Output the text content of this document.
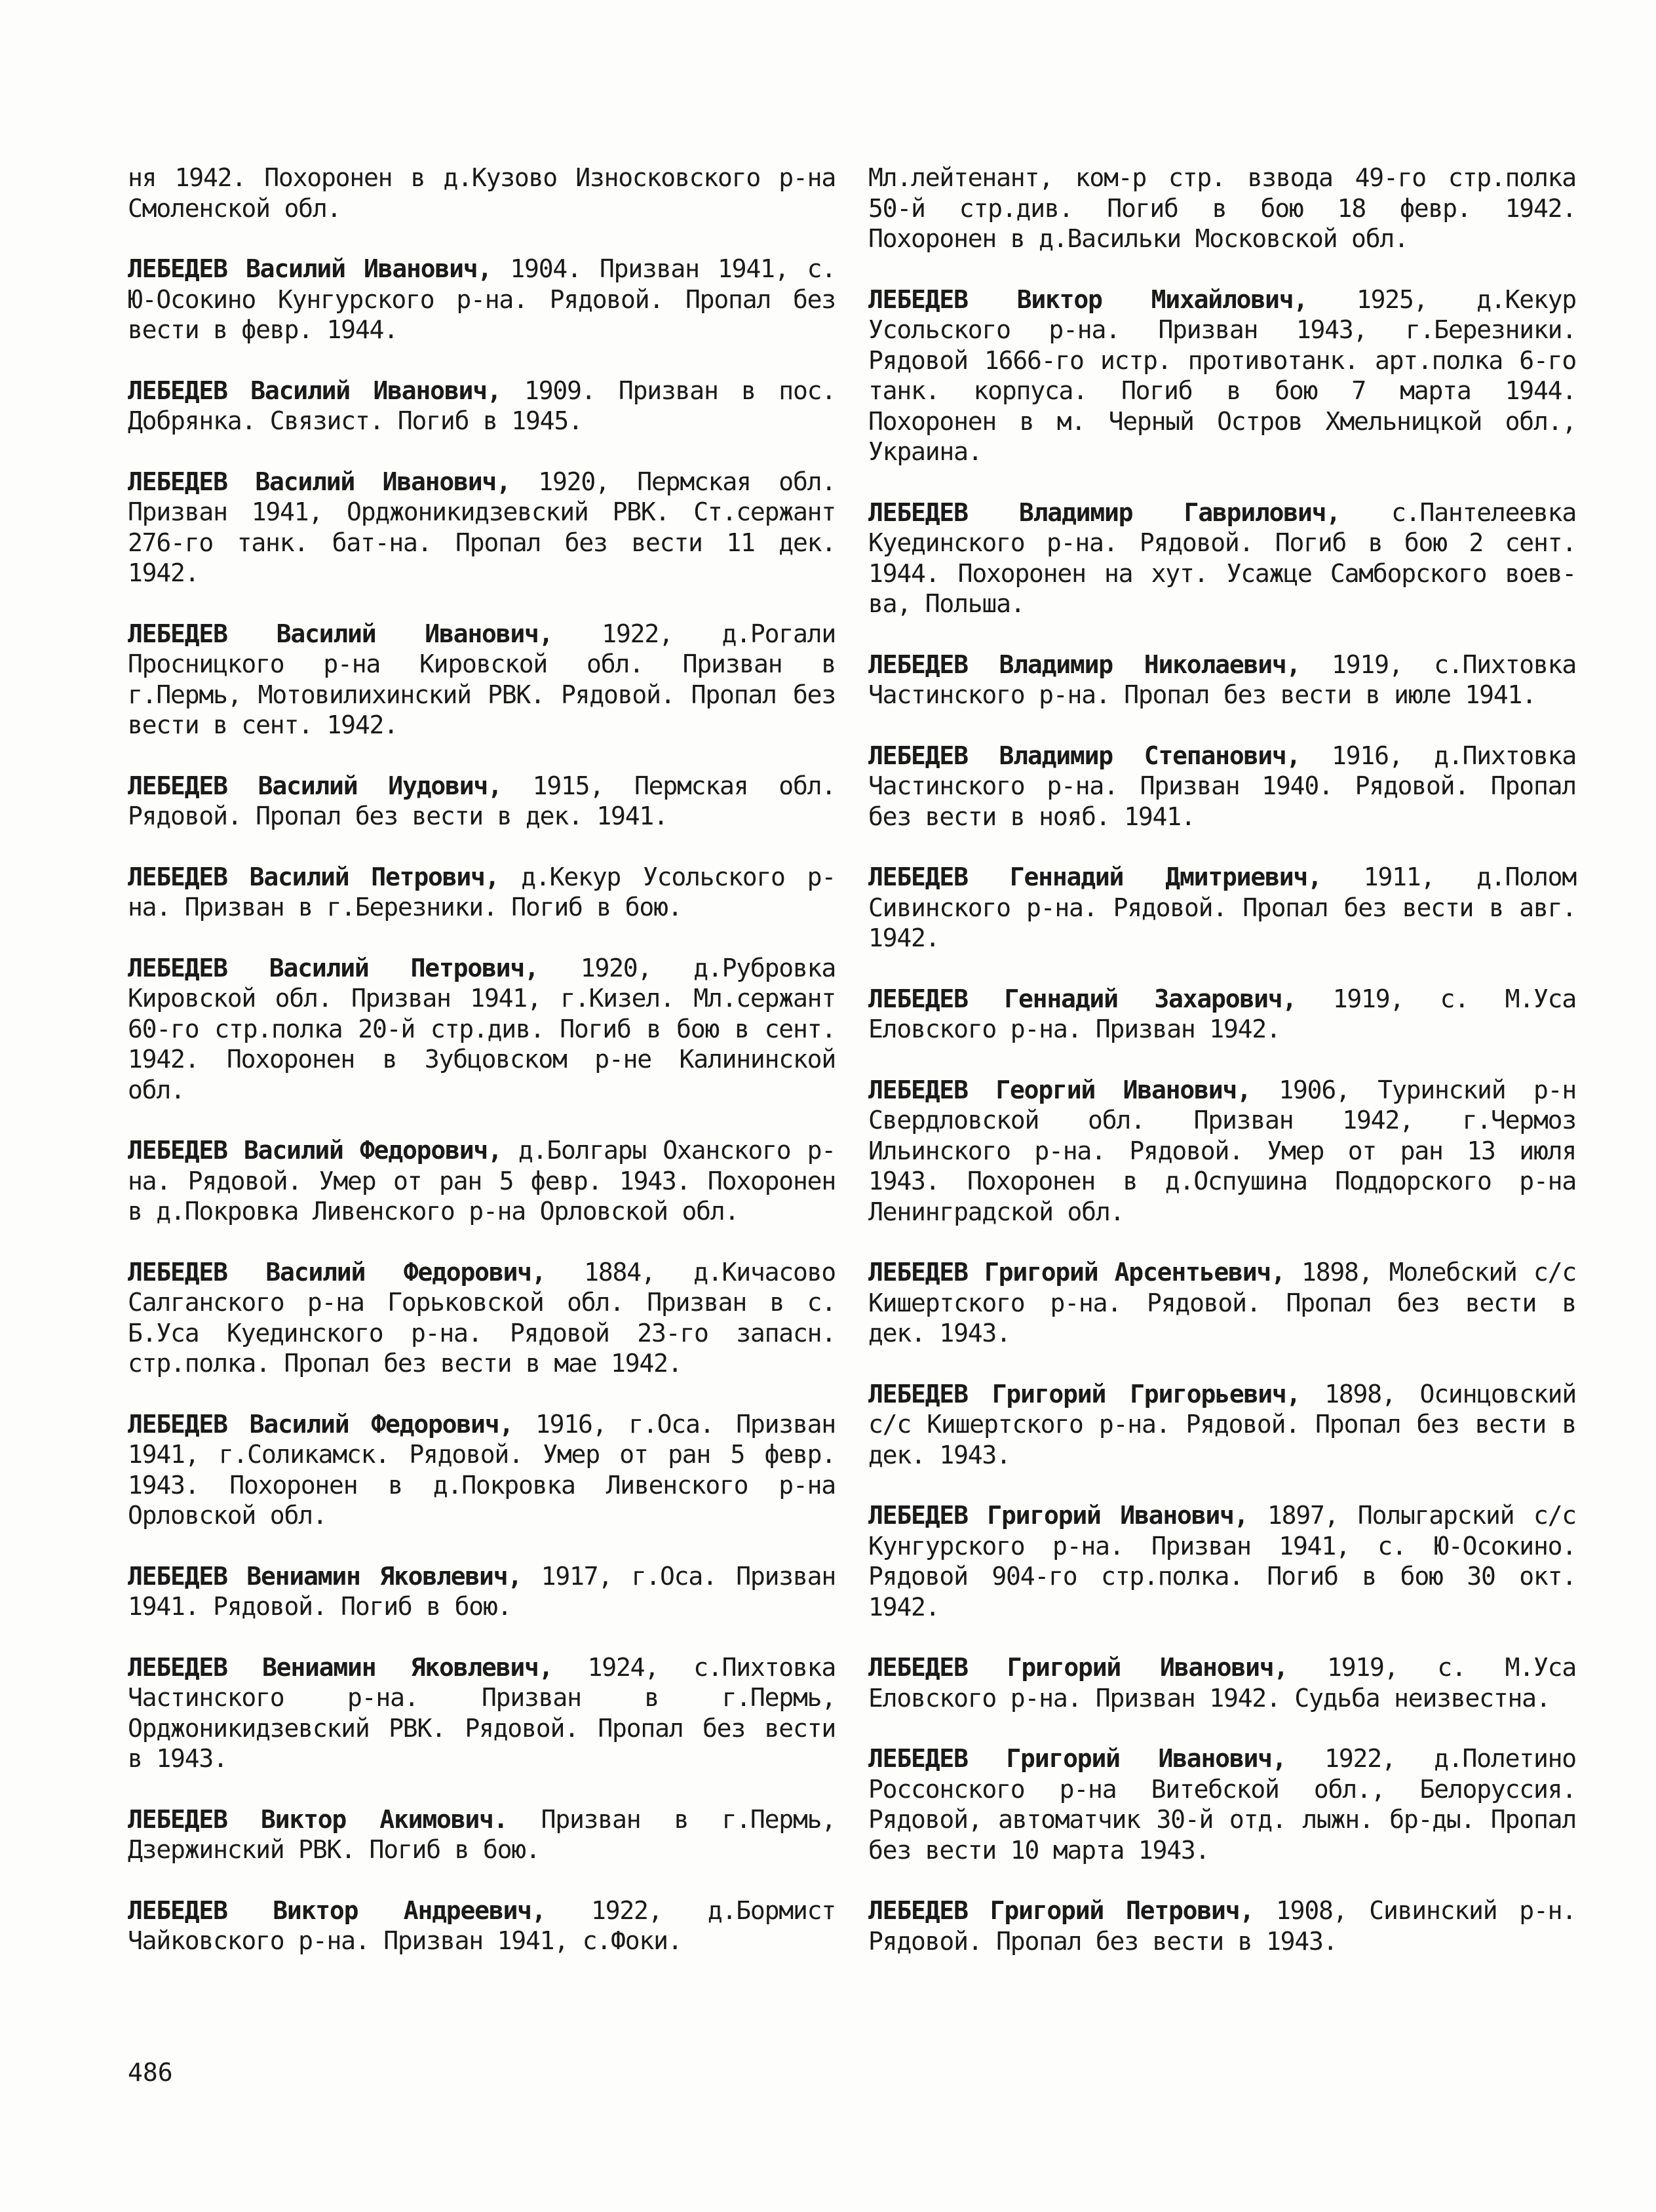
ня 1942. Похоронен в д.Кузово Износковского р-на Смоленской обл.

ЛЕБЕДЕВ Василий Иванович, 1904. Призван 1941, с. Ю-Осокино Кунгурского р-на. Рядовой. Пропал без вести в февр. 1944.

ЛЕБЕДЕВ Василий Иванович, 1909. Призван в пос. Добрянка. Связист. Погиб в 1945.

ЛЕБЕДЕВ Василий Иванович, 1920, Пермская обл. Призван 1941, Орджоникидзевский РВК. Ст.сержант 276-го танк. бат-на. Пропал без вести 11 дек. 1942.

ЛЕБЕДЕВ Василий Иванович, 1922, д.Рогали Просницкого р-на Кировской обл. Призван в г.Пермь, Мотовилихинский РВК. Рядовой. Пропал без вести в сент. 1942.

ЛЕБЕДЕВ Василий Иудович, 1915, Пермская обл. Рядовой. Пропал без вести в дек. 1941.

ЛЕБЕДЕВ Василий Петрович, д.Кекур Усольского р-на. Призван в г.Березники. Погиб в бою.

ЛЕБЕДЕВ Василий Петрович, 1920, д.Рубровка Кировской обл. Призван 1941, г.Кизел. Мл.сержант 60-го стр.полка 20-й стр.див. Погиб в бою в сент. 1942. Похоронен в Зубцовском р-не Калининской обл.

ЛЕБЕДЕВ Василий Федорович, д.Болгары Оханского р-на. Рядовой. Умер от ран 5 февр. 1943. Похоронен в д.Покровка Ливенского р-на Орловской обл.

ЛЕБЕДЕВ Василий Федорович, 1884, д.Кичасово Салганского р-на Горьковской обл. Призван в с. Б.Уса Куединского р-на. Рядовой 23-го запасн. стр.полка. Пропал без вести в мае 1942.

ЛЕБЕДЕВ Василий Федорович, 1916, г.Оса. Призван 1941, г.Соликамск. Рядовой. Умер от ран 5 февр. 1943. Похоронен в д.Покровка Ливенского р-на Орловской обл.

ЛЕБЕДЕВ Вениамин Яковлевич, 1917, г.Оса. Призван 1941. Рядовой. Погиб в бою.

ЛЕБЕДЕВ Вениамин Яковлевич, 1924, с.Пихтовка Частинского р-на. Призван в г.Пермь, Орджоникидзевский РВК. Рядовой. Пропал без вести в 1943.

ЛЕБЕДЕВ Виктор Акимович. Призван в г.Пермь, Дзержинский РВК. Погиб в бою.

ЛЕБЕДЕВ Виктор Андреевич, 1922, д.Бормист Чайковского р-на. Призван 1941, с.Фоки.

Мл.лейтенант, ком-р стр. взвода 49-го стр.полка 50-й стр.див. Погиб в бою 18 февр. 1942. Похоронен в д.Васильки Московской обл.

ЛЕБЕДЕВ Виктор Михайлович, 1925, д.Кекур Усольского р-на. Призван 1943, г.Березники. Рядовой 1666-го истр. противотанк. арт.полка 6-го танк. корпуса. Погиб в бою 7 марта 1944. Похоронен в м. Черный Остров Хмельницкой обл., Украина.

ЛЕБЕДЕВ Владимир Гаврилович, с.Пантелеевка Куединского р-на. Рядовой. Погиб в бою 2 сент. 1944. Похоронен на хут. Усажце Самборского воев-ва, Польша.

ЛЕБЕДЕВ Владимир Николаевич, 1919, с.Пихтовка Частинского р-на. Пропал без вести в июле 1941.

ЛЕБЕДЕВ Владимир Степанович, 1916, д.Пихтовка Частинского р-на. Призван 1940. Рядовой. Пропал без вести в нояб. 1941.

ЛЕБЕДЕВ Геннадий Дмитриевич, 1911, д.Полом Сивинского р-на. Рядовой. Пропал без вести в авг. 1942.

ЛЕБЕДЕВ Геннадий Захарович, 1919, с. М.Уса Еловского р-на. Призван 1942.

ЛЕБЕДЕВ Георгий Иванович, 1906, Туринский р-н Свердловской обл. Призван 1942, г.Чермоз Ильинского р-на. Рядовой. Умер от ран 13 июля 1943. Похоронен в д.Оспушина Поддорского р-на Ленинградской обл.

ЛЕБЕДЕВ Григорий Арсентьевич, 1898, Молебский с/с Кишертского р-на. Рядовой. Пропал без вести в дек. 1943.

ЛЕБЕДЕВ Григорий Григорьевич, 1898, Осинцовский с/с Кишертского р-на. Рядовой. Пропал без вести в дек. 1943.

ЛЕБЕДЕВ Григорий Иванович, 1897, Полыгарский с/с Кунгурского р-на. Призван 1941, с. Ю-Осокино. Рядовой 904-го стр.полка. Погиб в бою 30 окт. 1942.

ЛЕБЕДЕВ Григорий Иванович, 1919, с. М.Уса Еловского р-на. Призван 1942. Судьба неизвестна.

ЛЕБЕДЕВ Григорий Иванович, 1922, д.Полетино Россонского р-на Витебской обл., Белоруссия. Рядовой, автоматчик 30-й отд. лыжн. бр-ды. Пропал без вести 10 марта 1943.

ЛЕБЕДЕВ Григорий Петрович, 1908, Сивинский р-н. Рядовой. Пропал без вести в 1943.

486
